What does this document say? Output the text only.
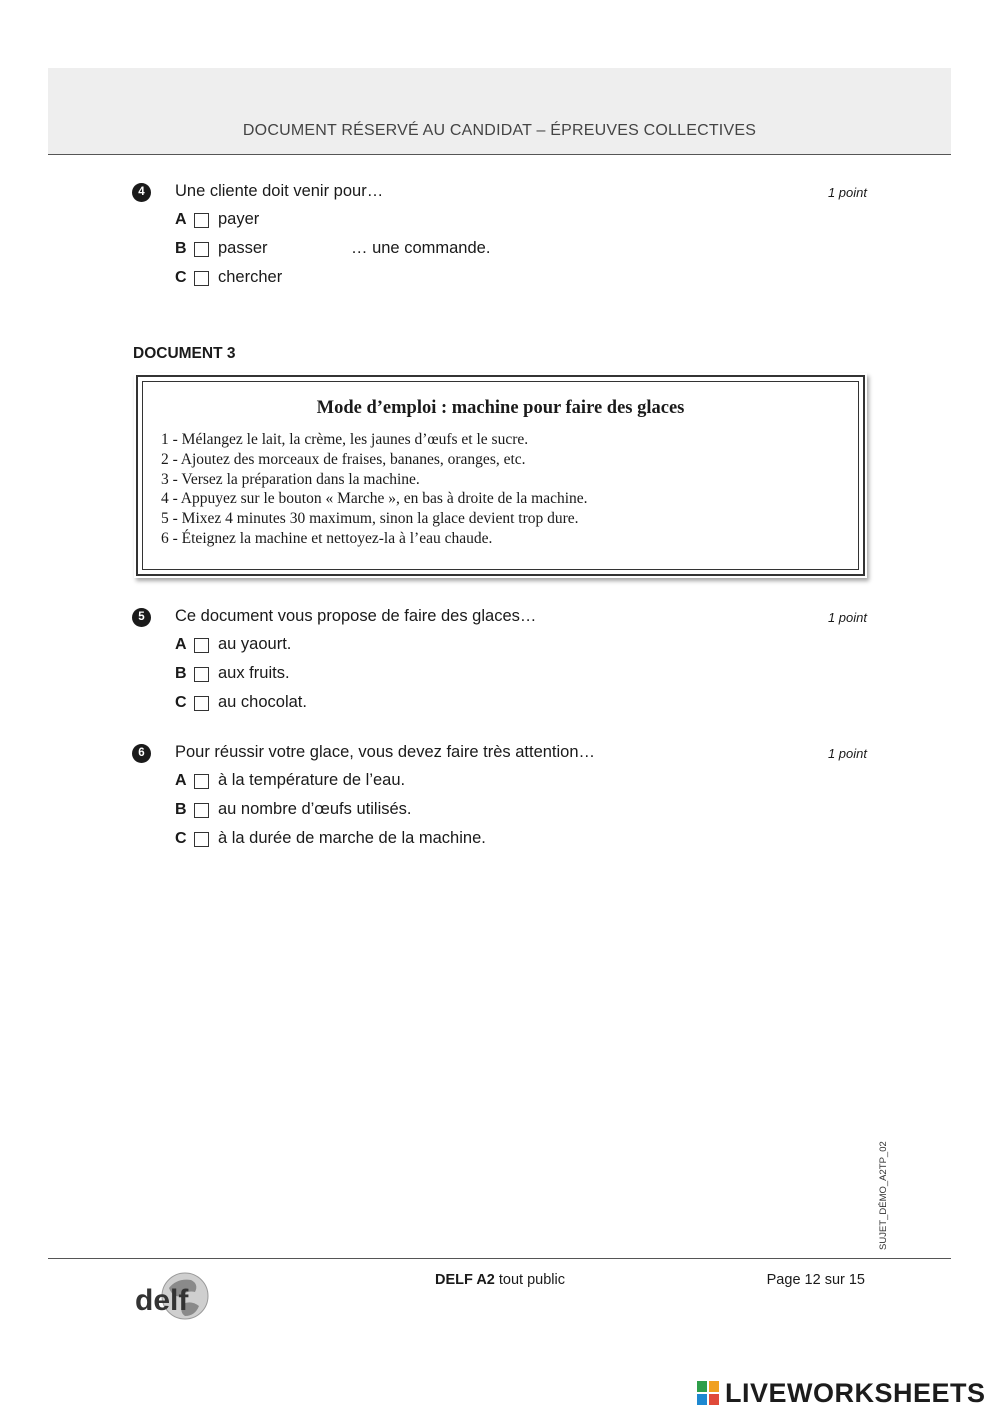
DOCUMENT RÉSERVÉ AU CANDIDAT – ÉPREUVES COLLECTIVES
4	Une cliente doit venir pour…	1 point
A payer
B passer	… une commande.
C chercher
DOCUMENT 3
Mode d’emploi : machine pour faire des glaces
1 - Mélangez le lait, la crème, les jaunes d’œufs et le sucre.
2 - Ajoutez des morceaux de fraises, bananes, oranges, etc.
3 - Versez la préparation dans la machine.
4 - Appuyez sur le bouton « Marche », en bas à droite de la machine.
5 - Mixez 4 minutes 30 maximum, sinon la glace devient trop dure.
6 - Éteignez la machine et nettoyez-la à l’eau chaude.
5	Ce document vous propose de faire des glaces…	1 point
A au yaourt.
B aux fruits.
C au chocolat.
6	Pour réussir votre glace, vous devez faire très attention…	1 point
A à la température de l’eau.
B au nombre d’œufs utilisés.
C à la durée de marche de la machine.
SUJET_DÉMO_A2TP_02
delf
DELF A2 tout public	Page 12 sur 15
LIVEWORKSHEETS
